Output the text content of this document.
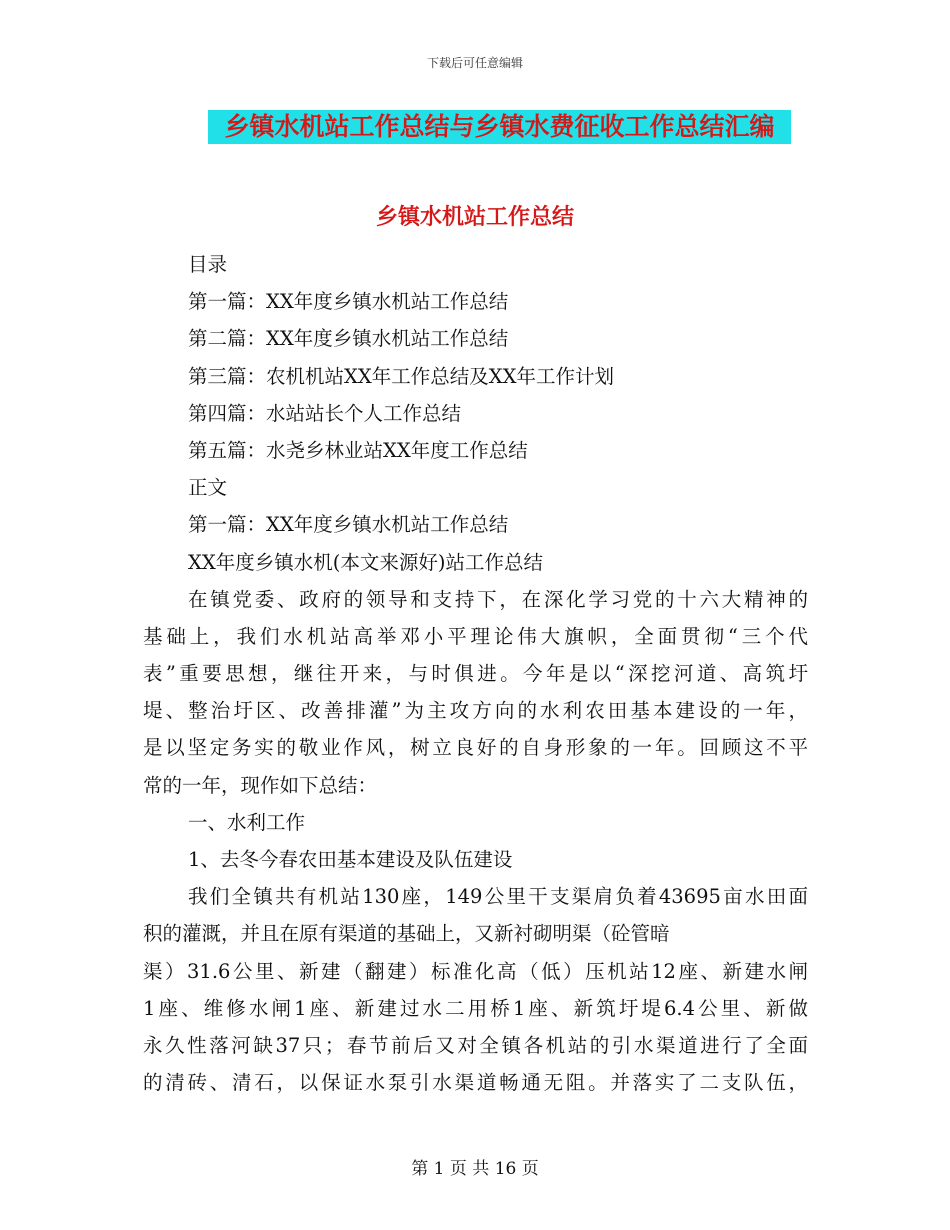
下载后可任意编辑
乡镇水机站工作总结与乡镇水费征收工作总结汇编
乡镇水机站工作总结
目录
第一篇：XX年度乡镇水机站工作总结
第二篇：XX年度乡镇水机站工作总结
第三篇：农机机站XX年工作总结及XX年工作计划
第四篇：水站站长个人工作总结
第五篇：水尧乡林业站XX年度工作总结
正文
第一篇：XX年度乡镇水机站工作总结
XX年度乡镇水机(本文来源好)站工作总结
在镇党委、政府的领导和支持下，在深化学习党的十六大精神的
基础上，我们水机站高举邓小平理论伟大旗帜，全面贯彻“三个代
表”重要思想，继往开来，与时俱进。今年是以“深挖河道、高筑圩
堤、整治圩区、改善排灌”为主攻方向的水利农田基本建设的一年，
是以坚定务实的敬业作风，树立良好的自身形象的一年。回顾这不平
常的一年，现作如下总结：
一、水利工作
1、去冬今春农田基本建设及队伍建设
我们全镇共有机站130座，149公里干支渠肩负着43695亩水田面
积的灌溉，并且在原有渠道的基础上，又新衬砌明渠（砼管暗
渠）31.6公里、新建（翻建）标准化高（低）压机站12座、新建水闸
1座、维修水闸1座、新建过水二用桥1座、新筑圩堤6.4公里、新做
永久性落河缺37只；春节前后又对全镇各机站的引水渠道进行了全面
的清砖、清石，以保证水泵引水渠道畅通无阻。并落实了二支队伍，
第 1 页 共 16 页
